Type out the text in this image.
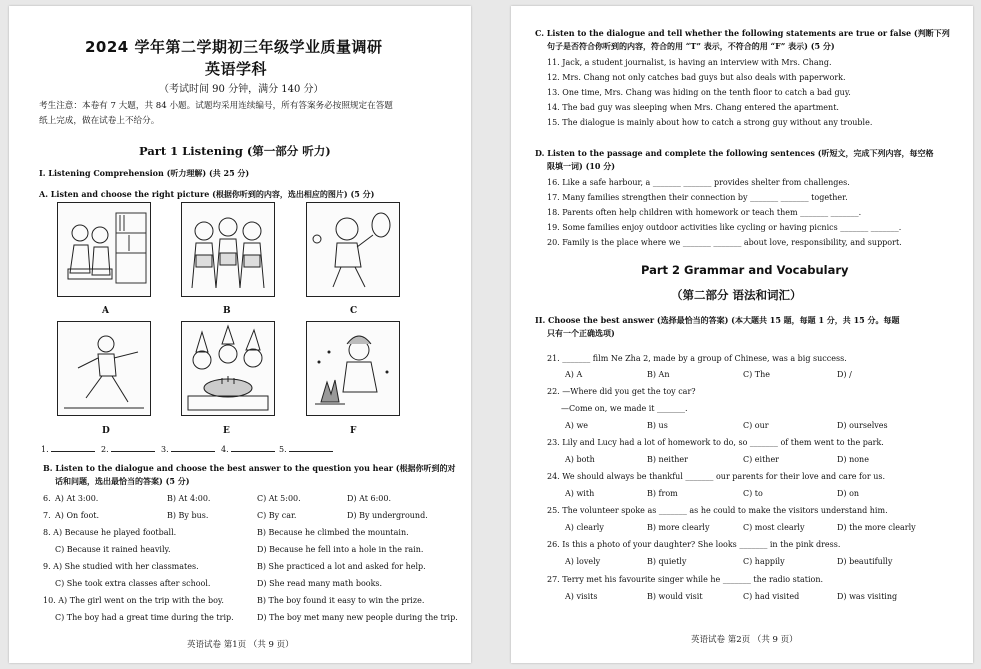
2024 学年第二学期初三年级学业质量调研
英语学科
（考试时间 90 分钟，满分 140 分）
考生注意：本卷有 7 大题，共 84 小题。试题均采用连续编号，所有答案务必按照规定在答题
纸上完成，做在试卷上不给分。
Part 1 Listening (第一部分 听力)
I. Listening Comprehension (听力理解) (共 25 分)
A. Listen and choose the right picture (根据你听到的内容，选出相应的图片) (5 分)
A	B	C
D	E	F
1.	2.	3.	4.	5.
B. Listen to the dialogue and choose the best answer to the question you hear (根据你听到的对
话和问题，选出最恰当的答案) (5 分)
6. A) At 3:00.	B) At 4:00.	C) At 5:00.	D) At 6:00.
7. A) On foot.	B) By bus.	C) By car.	D) By underground.
8. A) Because he played football.	B) Because he climbed the mountain.
C) Because it rained heavily.	D) Because he fell into a hole in the rain.
9. A) She studied with her classmates.	B) She practiced a lot and asked for help.
C) She took extra classes after school.	D) She read many math books.
10. A) The girl went on the trip with the boy.	B) The boy found it easy to win the prize.
C) The boy had a great time during the trip.	D) The boy met many new people during the trip.
英语试卷 第1页 （共 9 页）
C. Listen to the dialogue and tell whether the following statements are true or false (判断下列
句子是否符合你听到的内容，符合的用 “T” 表示，不符合的用 “F” 表示) (5 分)
11. Jack, a student journalist, is having an interview with Mrs. Chang.
12. Mrs. Chang not only catches bad guys but also deals with paperwork.
13. One time, Mrs. Chang was hiding on the tenth floor to catch a bad guy.
14. The bad guy was sleeping when Mrs. Chang entered the apartment.
15. The dialogue is mainly about how to catch a strong guy without any trouble.
D. Listen to the passage and complete the following sentences (听短文，完成下列内容，每空格
限填一词) (10 分)
16. Like a safe harbour, a _______ _______ provides shelter from challenges.
17. Many families strengthen their connection by _______ _______ together.
18. Parents often help children with homework or teach them _______ _______.
19. Some families enjoy outdoor activities like cycling or having picnics _______ _______.
20. Family is the place where we _______ _______ about love, responsibility, and support.
Part 2 Grammar and Vocabulary
（第二部分 语法和词汇）
II. Choose the best answer (选择最恰当的答案) (本大题共 15 题，每题 1 分，共 15 分。每题
只有一个正确选项)
21. _______ film Ne Zha 2, made by a group of Chinese, was a big success.
A) A	B) An	C) The	D) /
22. —Where did you get the toy car?
—Come on, we made it _______.
A) we	B) us	C) our	D) ourselves
23. Lily and Lucy had a lot of homework to do, so _______ of them went to the park.
A) both	B) neither	C) either	D) none
24. We should always be thankful _______ our parents for their love and care for us.
A) with	B) from	C) to	D) on
25. The volunteer spoke as _______ as he could to make the visitors understand him.
A) clearly	B) more clearly	C) most clearly	D) the more clearly
26. Is this a photo of your daughter? She looks _______ in the pink dress.
A) lovely	B) quietly	C) happily	D) beautifully
27. Terry met his favourite singer while he _______ the radio station.
A) visits	B) would visit	C) had visited	D) was visiting
英语试卷 第2页 （共 9 页）
